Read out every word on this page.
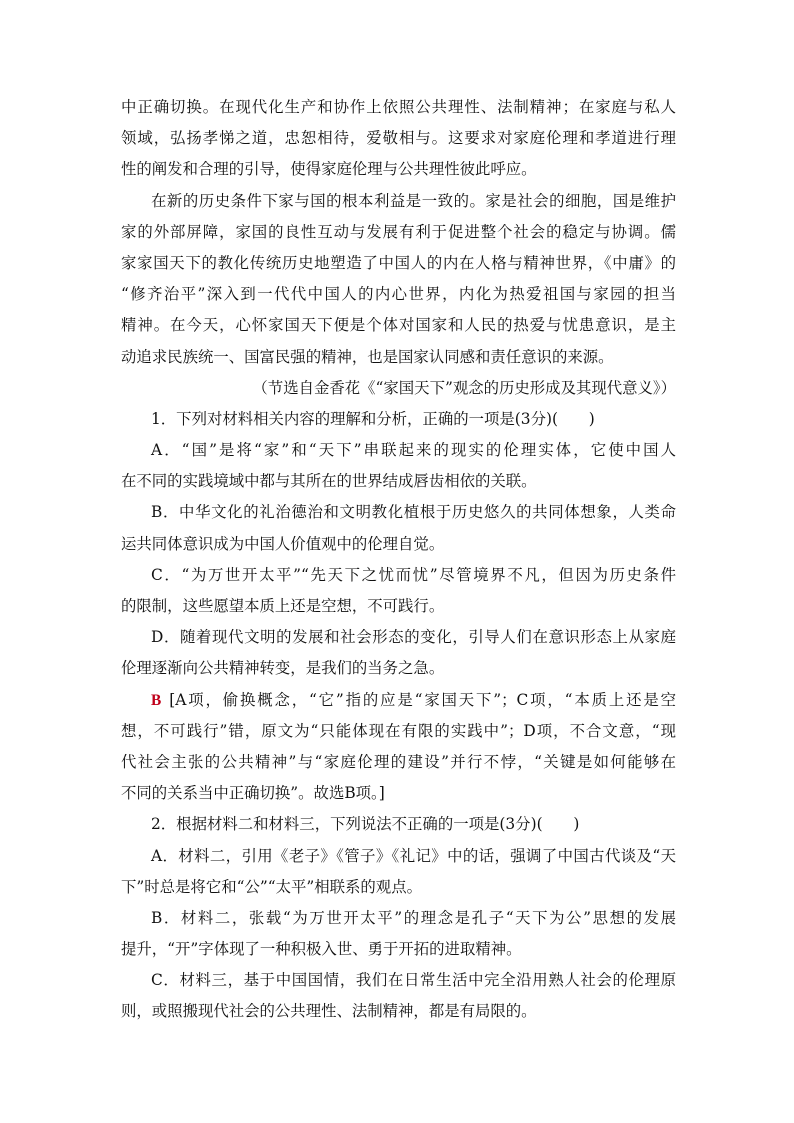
中正确切换。在现代化生产和协作上依照公共理性、法制精神；在家庭与私人
领域，弘扬孝悌之道，忠恕相待，爱敬相与。这要求对家庭伦理和孝道进行理
性的阐发和合理的引导，使得家庭伦理与公共理性彼此呼应。
在新的历史条件下家与国的根本利益是一致的。家是社会的细胞，国是维护
家的外部屏障，家国的良性互动与发展有利于促进整个社会的稳定与协调。儒
家家国天下的教化传统历史地塑造了中国人的内在人格与精神世界，《中庸》的
“修齐治平”深入到一代代中国人的内心世界，内化为热爱祖国与家园的担当
精神。在今天，心怀家国天下便是个体对国家和人民的热爱与忧患意识，是主
动追求民族统一、国富民强的精神，也是国家认同感和责任意识的来源。
（节选自金香花《“家国天下”观念的历史形成及其现代意义》）
1．下列对材料相关内容的理解和分析，正确的一项是(3分)(　　)
A．“国”是将“家”和“天下”串联起来的现实的伦理实体，它使中国人
在不同的实践境域中都与其所在的世界结成唇齿相依的关联。
B．中华文化的礼治德治和文明教化植根于历史悠久的共同体想象，人类命
运共同体意识成为中国人价值观中的伦理自觉。
C．“为万世开太平”“先天下之忧而忧”尽管境界不凡，但因为历史条件
的限制，这些愿望本质上还是空想，不可践行。
D．随着现代文明的发展和社会形态的变化，引导人们在意识形态上从家庭
伦理逐渐向公共精神转变，是我们的当务之急。
B [A项，偷换概念，“它”指的应是“家国天下”；C项，“本质上还是空
想，不可践行”错，原文为“只能体现在有限的实践中”；D项，不合文意，“现
代社会主张的公共精神”与“家庭伦理的建设”并行不悖，“关键是如何能够在
不同的关系当中正确切换”。故选B项。]
2．根据材料二和材料三，下列说法不正确的一项是(3分)(　　)
A．材料二，引用《老子》《管子》《礼记》中的话，强调了中国古代谈及“天
下”时总是将它和“公”“太平”相联系的观点。
B．材料二，张载“为万世开太平”的理念是孔子“天下为公”思想的发展
提升，“开”字体现了一种积极入世、勇于开拓的进取精神。
C．材料三，基于中国国情，我们在日常生活中完全沿用熟人社会的伦理原
则，或照搬现代社会的公共理性、法制精神，都是有局限的。
